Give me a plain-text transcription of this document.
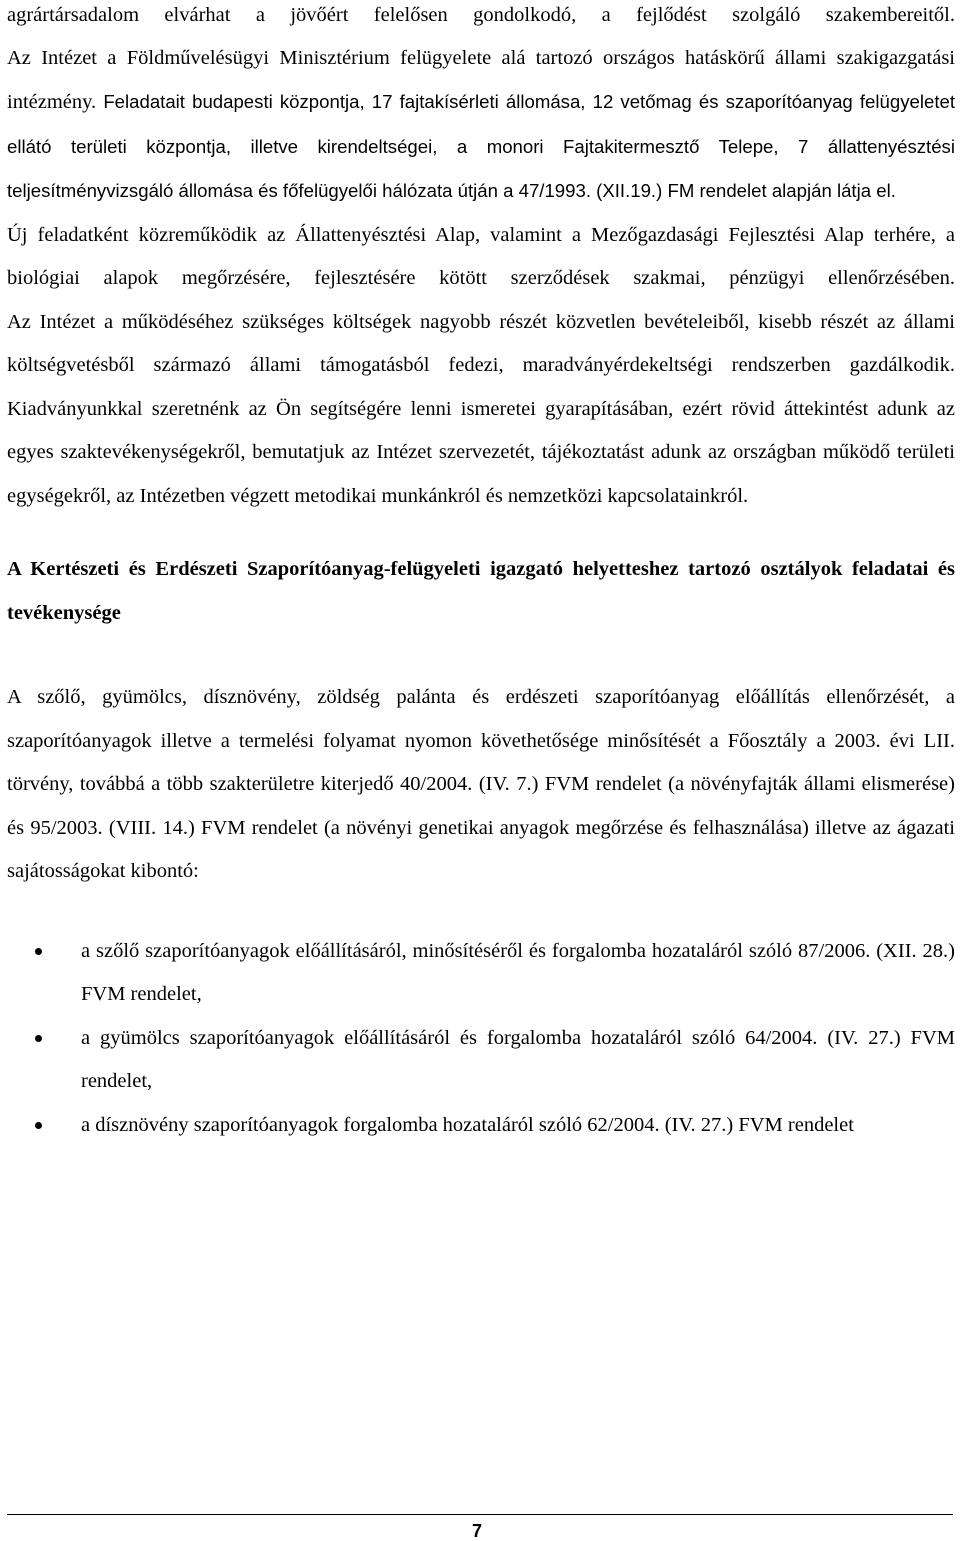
agrártársadalom elvárhat a jövőért felelősen gondolkodó, a fejlődést szolgáló szakembereitől.

Az Intézet a Földművelésügyi Minisztérium felügyelete alá tartozó országos hatáskörű állami szakigazgatási intézmény. Feladatait budapesti központja, 17 fajtakísérleti állomása, 12 vetőmag és szaporítóanyag felügyeletet ellátó területi központja, illetve kirendeltségei, a monori Fajtakitermesztő Telepe, 7 állattenyésztési teljesítményvizsgáló állomása és főfelügyelői hálózata útján a 47/1993. (XII.19.) FM rendelet alapján látja el.

Új feladatként közreműködik az Állattenyésztési Alap, valamint a Mezőgazdasági Fejlesztési Alap terhére, a biológiai alapok megőrzésére, fejlesztésére kötött szerződések szakmai, pénzügyi ellenőrzésében.

Az Intézet a működéséhez szükséges költségek nagyobb részét közvetlen bevételeiből, kisebb részét az állami költségvetésből származó állami támogatásból fedezi, maradványérdekeltségi rendszerben gazdálkodik.

Kiadványunkkal szeretnénk az Ön segítségére lenni ismeretei gyarapításában, ezért rövid áttekintést adunk az egyes szaktevékenységekről, bemutatjuk az Intézet szervezetét, tájékoztatást adunk az országban működő területi egységekről, az Intézetben végzett metodikai munkánkról és nemzetközi kapcsolatainkról.

A Kertészeti és Erdészeti Szaporítóanyag-felügyeleti igazgató helyetteshez tartozó osztályok feladatai és tevékenysége

A szőlő, gyümölcs, dísznövény, zöldség palánta és erdészeti szaporítóanyag előállítás ellenőrzését, a szaporítóanyagok illetve a termelési folyamat nyomon követhetősége minősítését a Főosztály a 2003. évi LII. törvény, továbbá a több szakterületre kiterjedő 40/2004. (IV. 7.) FVM rendelet (a növényfajták állami elismerése) és 95/2003. (VIII. 14.) FVM rendelet (a növényi genetikai anyagok megőrzése és felhasználása) illetve az ágazati sajátosságokat kibontó:

a szőlő szaporítóanyagok előállításáról, minősítéséről és forgalomba hozataláról szóló 87/2006. (XII. 28.) FVM rendelet,
a gyümölcs szaporítóanyagok előállításáról és forgalomba hozataláról szóló 64/2004. (IV. 27.) FVM rendelet,
a dísznövény szaporítóanyagok forgalomba hozataláról szóló 62/2004. (IV. 27.) FVM rendelet
7
